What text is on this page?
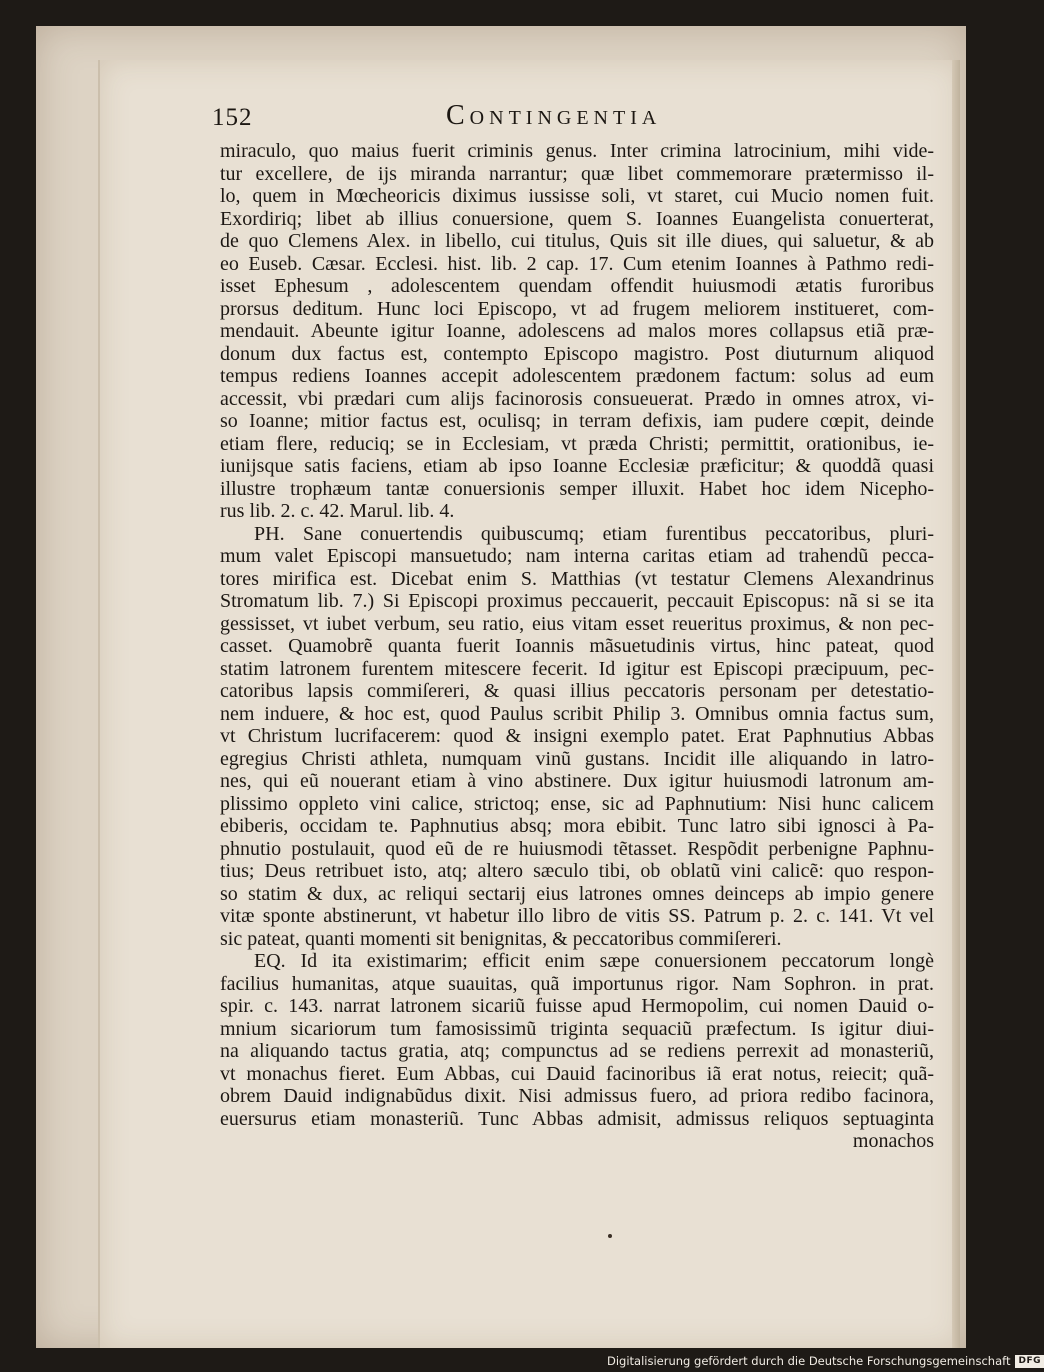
152	Contingentia
miraculo, quo maius fuerit criminis genus. Inter crimina latrocinium, mihi vide-
tur excellere, de ijs miranda narrantur; quæ libet commemorare prætermisso il-
lo, quem in Mœcheoricis diximus iussisse soli, vt staret, cui Mucio nomen fuit.
Exordiriq; libet ab illius conuersione, quem S. Ioannes Euangelista conuerterat,
de quo Clemens Alex. in libello, cui titulus, Quis sit ille diues, qui saluetur, & ab
eo Euseb. Cæsar. Ecclesi. hist. lib. 2 cap. 17. Cum etenim Ioannes à Pathmo redi-
isset Ephesum , adolescentem quendam offendit huiusmodi ætatis furoribus
prorsus deditum. Hunc loci Episcopo, vt ad frugem meliorem institueret, com-
mendauit. Abeunte igitur Ioanne, adolescens ad malos mores collapsus etiã præ-
donum dux factus est, contempto Episcopo magistro. Post diuturnum aliquod
tempus rediens Ioannes accepit adolescentem prædonem factum: solus ad eum
accessit, vbi prædari cum alijs facinorosis consueuerat. Prædo in omnes atrox, vi-
so Ioanne; mitior factus est, oculisq; in terram defixis, iam pudere cœpit, deinde
etiam flere, reduciq; se in Ecclesiam, vt præda Christi; permittit, orationibus, ie-
iunijsque satis faciens, etiam ab ipso Ioanne Ecclesiæ præficitur; & quoddã quasi
illustre trophæum tantæ conuersionis semper illuxit. Habet hoc idem Nicepho-
rus lib. 2. c. 42. Marul. lib. 4.
PH. Sane conuertendis quibuscumq; etiam furentibus peccatoribus, pluri-
mum valet Episcopi mansuetudo; nam interna caritas etiam ad trahendũ pecca-
tores mirifica est. Dicebat enim S. Matthias (vt testatur Clemens Alexandrinus
Stromatum lib. 7.) Si Episcopi proximus peccauerit, peccauit Episcopus: nã si se ita
gessisset, vt iubet verbum, seu ratio, eius vitam esset reueritus proximus, & non pec-
casset. Quamobrẽ quanta fuerit Ioannis mãsuetudinis virtus, hinc pateat, quod
statim latronem furentem mitescere fecerit. Id igitur est Episcopi præcipuum, pec-
catoribus lapsis commiſereri, & quasi illius peccatoris personam per detestatio-
nem induere, & hoc est, quod Paulus scribit Philip 3. Omnibus omnia factus sum,
vt Christum lucrifacerem: quod & insigni exemplo patet. Erat Paphnutius Abbas
egregius Christi athleta, numquam vinũ gustans. Incidit ille aliquando in latro-
nes, qui eũ nouerant etiam à vino abstinere. Dux igitur huiusmodi latronum am-
plissimo oppleto vini calice, strictoq; ense, sic ad Paphnutium: Nisi hunc calicem
ebiberis, occidam te. Paphnutius absq; mora ebibit. Tunc latro sibi ignosci à Pa-
phnutio postulauit, quod eũ de re huiusmodi tẽtasset. Respõdit perbenigne Paphnu-
tius; Deus retribuet isto, atq; altero sæculo tibi, ob oblatũ vini calicẽ: quo respon-
so statim & dux, ac reliqui sectarij eius latrones omnes deinceps ab impio genere
vitæ sponte abstinerunt, vt habetur illo libro de vitis SS. Patrum p. 2. c. 141. Vt vel
sic pateat, quanti momenti sit benignitas, & peccatoribus commiſereri.
EQ. Id ita existimarim; efficit enim sæpe conuersionem peccatorum longè
facilius humanitas, atque suauitas, quã importunus rigor. Nam Sophron. in prat.
spir. c. 143. narrat latronem sicariũ fuisse apud Hermopolim, cui nomen Dauid o-
mnium sicariorum tum famosissimũ triginta sequaciũ præfectum. Is igitur diui-
na aliquando tactus gratia, atq; compunctus ad se rediens perrexit ad monasteriũ,
vt monachus fieret. Eum Abbas, cui Dauid facinoribus iã erat notus, reiecit; quã-
obrem Dauid indignabũdus dixit. Nisi admissus fuero, ad priora redibo facinora,
euersurus etiam monasteriũ. Tunc Abbas admisit, admissus reliquos septuaginta
monachos
Digitalisierung gefördert durch die Deutsche Forschungsgemeinschaft DFG
